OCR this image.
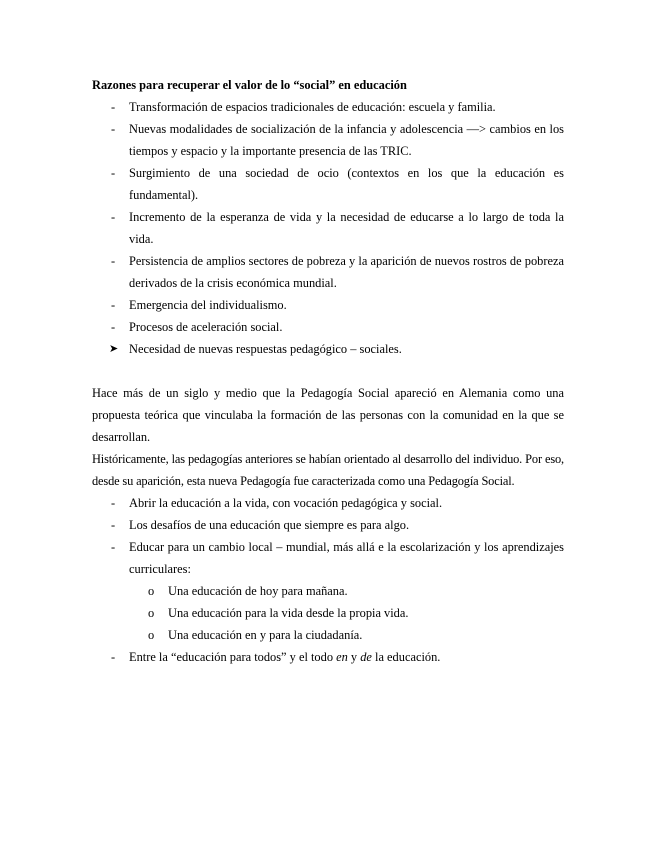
Razones para recuperar el valor de lo “social” en educación

- Transformación de espacios tradicionales de educación: escuela y familia.
- Nuevas modalidades de socialización de la infancia y adolescencia —> cambios en los tiempos y espacio y la importante presencia de las TRIC.
- Surgimiento de una sociedad de ocio (contextos en los que la educación es fundamental).
- Incremento de la esperanza de vida y la necesidad de educarse a lo largo de toda la vida.
- Persistencia de amplios sectores de pobreza y la aparición de nuevos rostros de pobreza derivados de la crisis económica mundial.
- Emergencia del individualismo.
- Procesos de aceleración social.
➤ Necesidad de nuevas respuestas pedagógico – sociales.

Hace más de un siglo y medio que la Pedagogía Social apareció en Alemania como una propuesta teórica que vinculaba la formación de las personas con la comunidad en la que se desarrollan.

Históricamente, las pedagogías anteriores se habían orientado al desarrollo del individuo. Por eso, desde su aparición, esta nueva Pedagogía fue caracterizada como una Pedagogía Social.

- Abrir la educación a la vida, con vocación pedagógica y social.
- Los desafíos de una educación que siempre es para algo.
- Educar para un cambio local – mundial, más allá e la escolarización y los aprendizajes curriculares:
o Una educación de hoy para mañana.
o Una educación para la vida desde la propia vida.
o Una educación en y para la ciudadanía.
- Entre la “educación para todos” y el todo en y de la educación.
